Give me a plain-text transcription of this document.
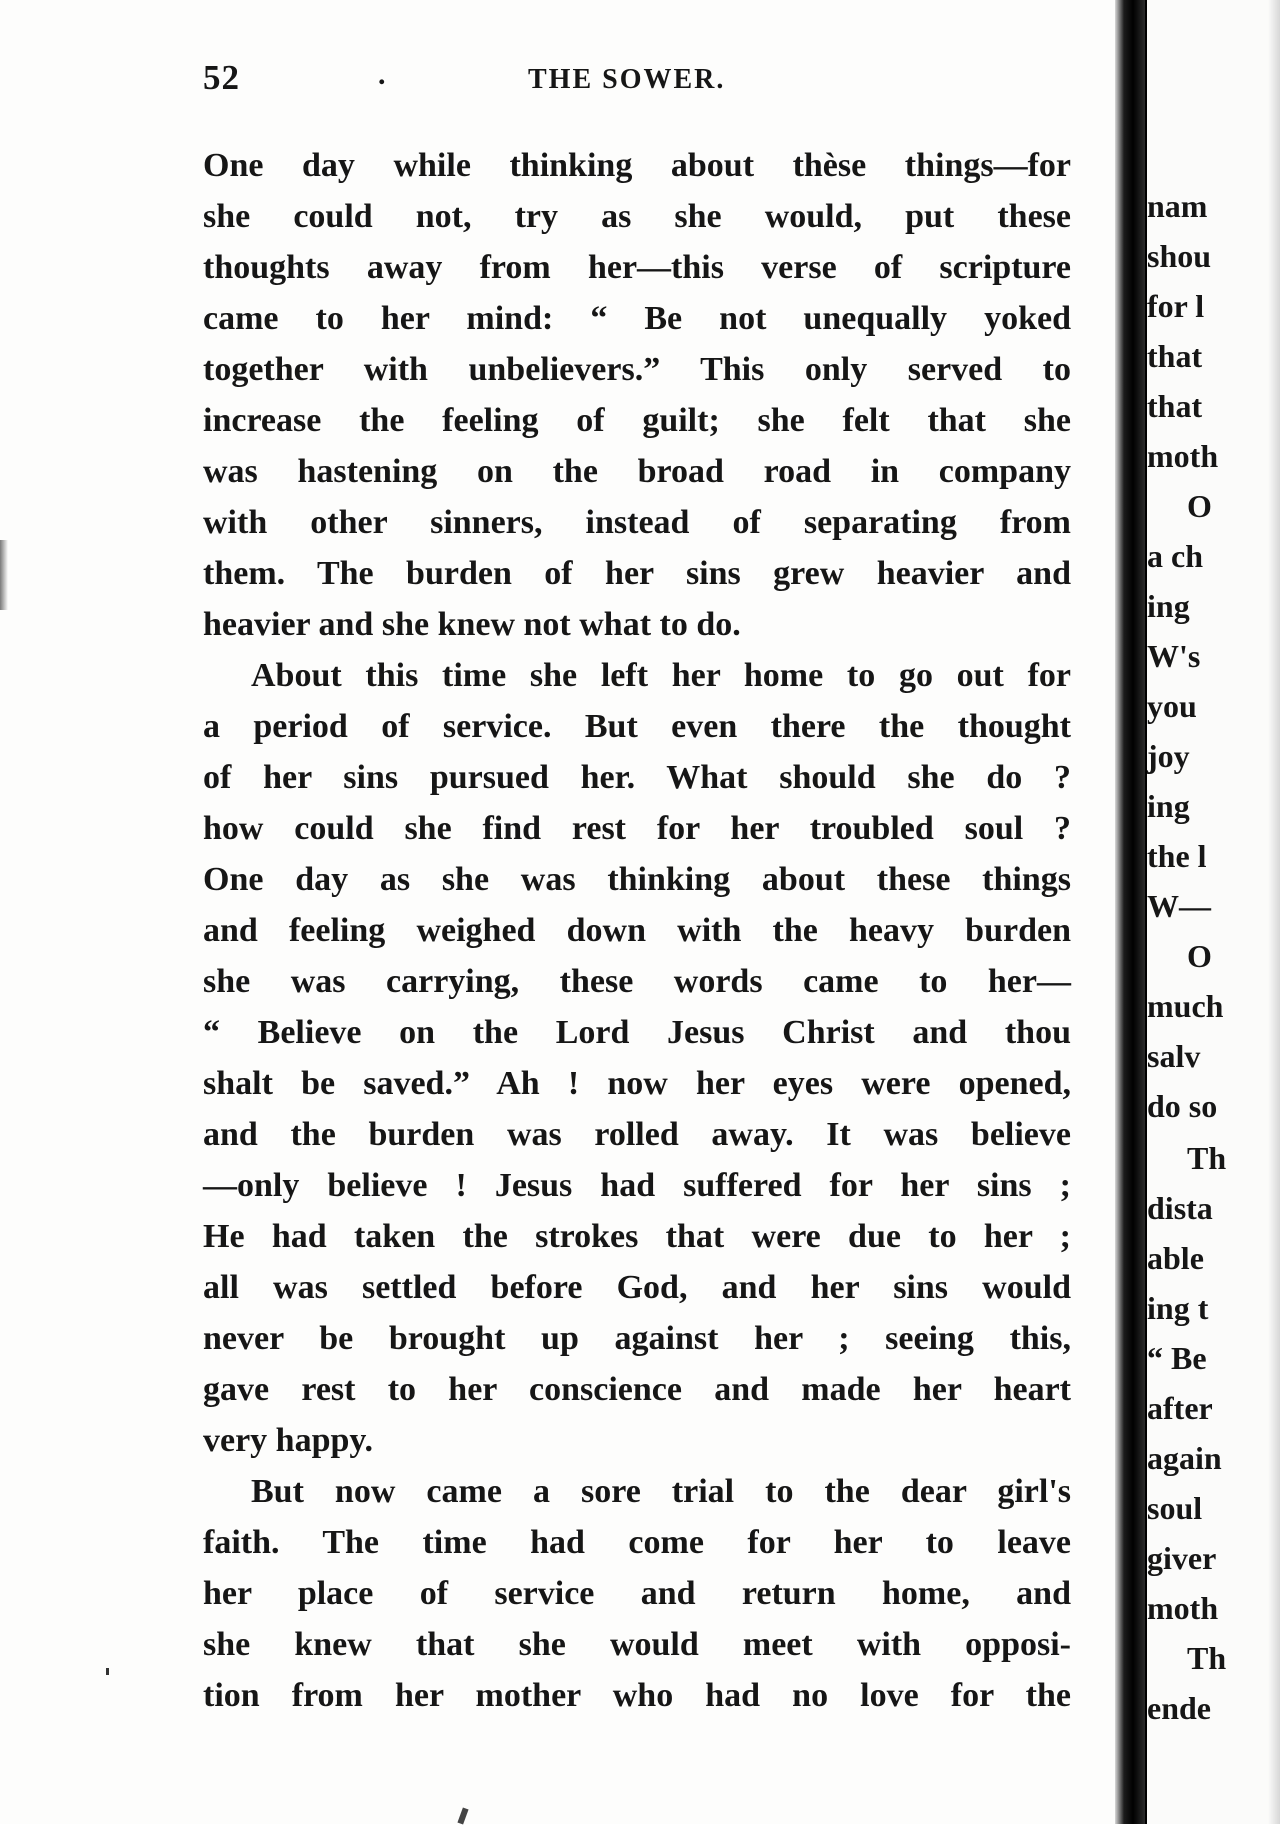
52	.	THE SOWER.
One day while thinking about thèse things—for
she could not, try as she would, put these
thoughts away from her—this verse of scripture
came to her mind: “ Be not unequally yoked
together with unbelievers.” This only served to
increase the feeling of guilt; she felt that she
was hastening on the broad road in company
with other sinners, instead of separating from
them. The burden of her sins grew heavier and
heavier and she knew not what to do.
About this time she left her home to go out for
a period of service. But even there the thought
of her sins pursued her. What should she do ?
how could she find rest for her troubled soul ?
One day as she was thinking about these things
and feeling weighed down with the heavy burden
she was carrying, these words came to her—
“ Believe on the Lord Jesus Christ and thou
shalt be saved.” Ah ! now her eyes were opened,
and the burden was rolled away. It was believe
—only believe ! Jesus had suffered for her sins ;
He had taken the strokes that were due to her ;
all was settled before God, and her sins would
never be brought up against her ; seeing this,
gave rest to her conscience and made her heart
very happy.
But now came a sore trial to the dear girl's
faith. The time had come for her to leave
her place of service and return home, and
she knew that she would meet with opposi-
tion from her mother who had no love for the
nam
shou
for l
that
that
moth
O
a ch
ing
W's
you
joy
ing
the l
W—
O
much
salv
do so
Th
dista
able
ing t
“ Be
after
again
soul
giver
moth
Th
ende
